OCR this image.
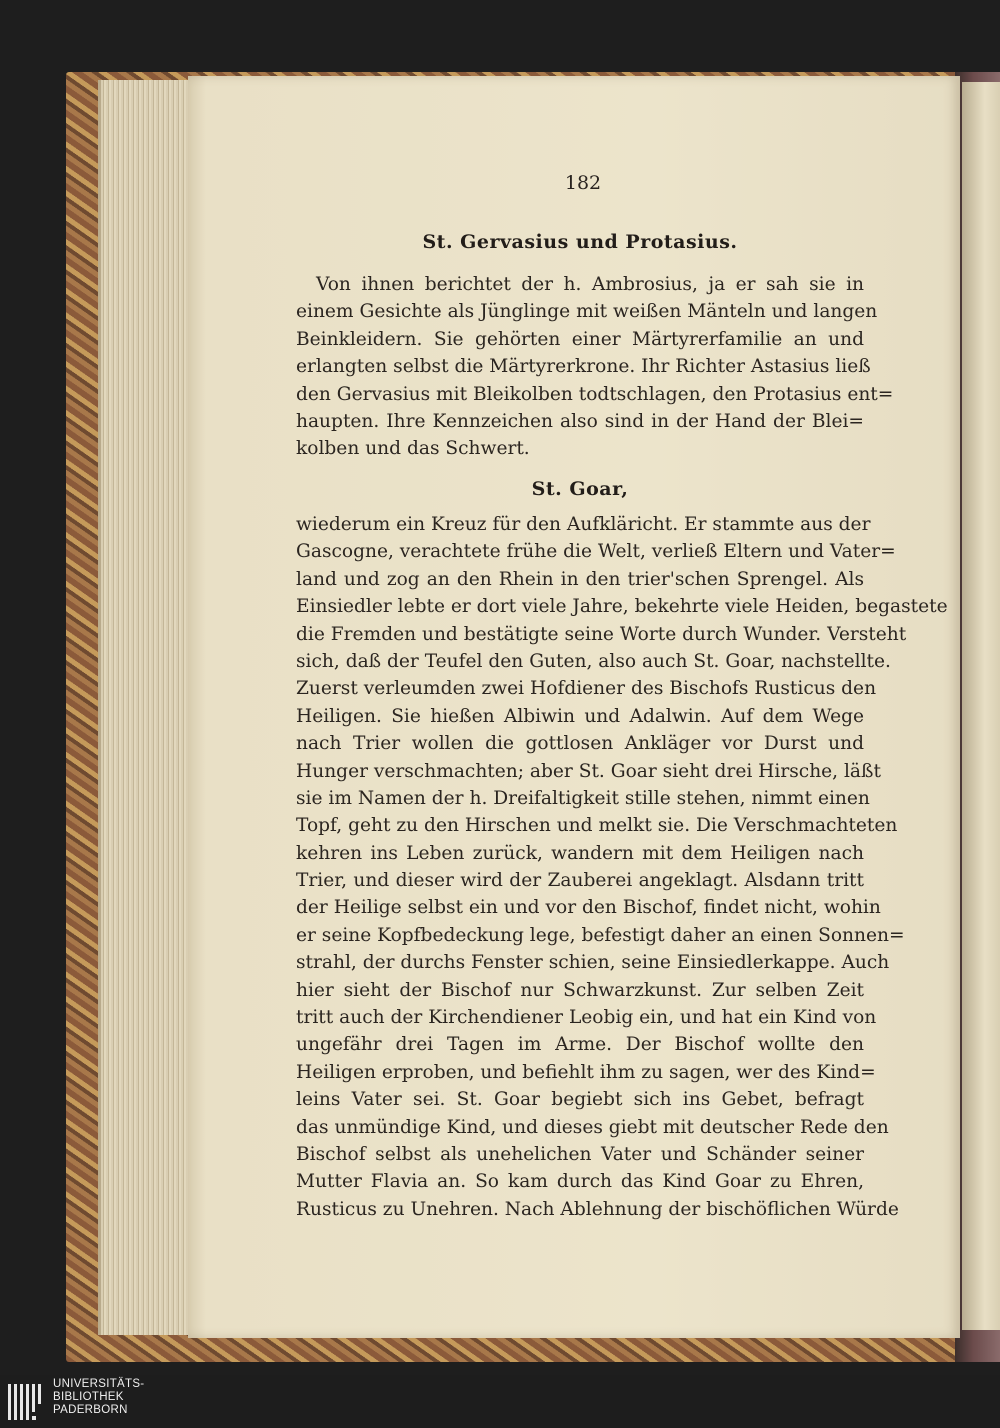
182
St. Gervasius und Protasius.
Von ihnen berichtet der h. Ambrosius, ja er sah sie in
einem Gesichte als Jünglinge mit weißen Mänteln und langen
Beinkleidern. Sie gehörten einer Märtyrerfamilie an und
erlangten selbst die Märtyrerkrone. Ihr Richter Astasius ließ
den Gervasius mit Bleikolben todtschlagen, den Protasius ent=
haupten. Ihre Kennzeichen also sind in der Hand der Blei=
kolben und das Schwert.
St. Goar,
wiederum ein Kreuz für den Aufkläricht. Er stammte aus der
Gascogne, verachtete frühe die Welt, verließ Eltern und Vater=
land und zog an den Rhein in den trier'schen Sprengel. Als
Einsiedler lebte er dort viele Jahre, bekehrte viele Heiden, begastete
die Fremden und bestätigte seine Worte durch Wunder. Versteht
sich, daß der Teufel den Guten, also auch St. Goar, nachstellte.
Zuerst verleumden zwei Hofdiener des Bischofs Rusticus den
Heiligen. Sie hießen Albiwin und Adalwin. Auf dem Wege
nach Trier wollen die gottlosen Ankläger vor Durst und
Hunger verschmachten; aber St. Goar sieht drei Hirsche, läßt
sie im Namen der h. Dreifaltigkeit stille stehen, nimmt einen
Topf, geht zu den Hirschen und melkt sie. Die Verschmachteten
kehren ins Leben zurück, wandern mit dem Heiligen nach
Trier, und dieser wird der Zauberei angeklagt. Alsdann tritt
der Heilige selbst ein und vor den Bischof, findet nicht, wohin
er seine Kopfbedeckung lege, befestigt daher an einen Sonnen=
strahl, der durchs Fenster schien, seine Einsiedlerkappe. Auch
hier sieht der Bischof nur Schwarzkunst. Zur selben Zeit
tritt auch der Kirchendiener Leobig ein, und hat ein Kind von
ungefähr drei Tagen im Arme. Der Bischof wollte den
Heiligen erproben, und befiehlt ihm zu sagen, wer des Kind=
leins Vater sei. St. Goar begiebt sich ins Gebet, befragt
das unmündige Kind, und dieses giebt mit deutscher Rede den
Bischof selbst als unehelichen Vater und Schänder seiner
Mutter Flavia an. So kam durch das Kind Goar zu Ehren,
Rusticus zu Unehren. Nach Ablehnung der bischöflichen Würde
UNIVERSITÄTS-
BIBLIOTHEK
PADERBORN
